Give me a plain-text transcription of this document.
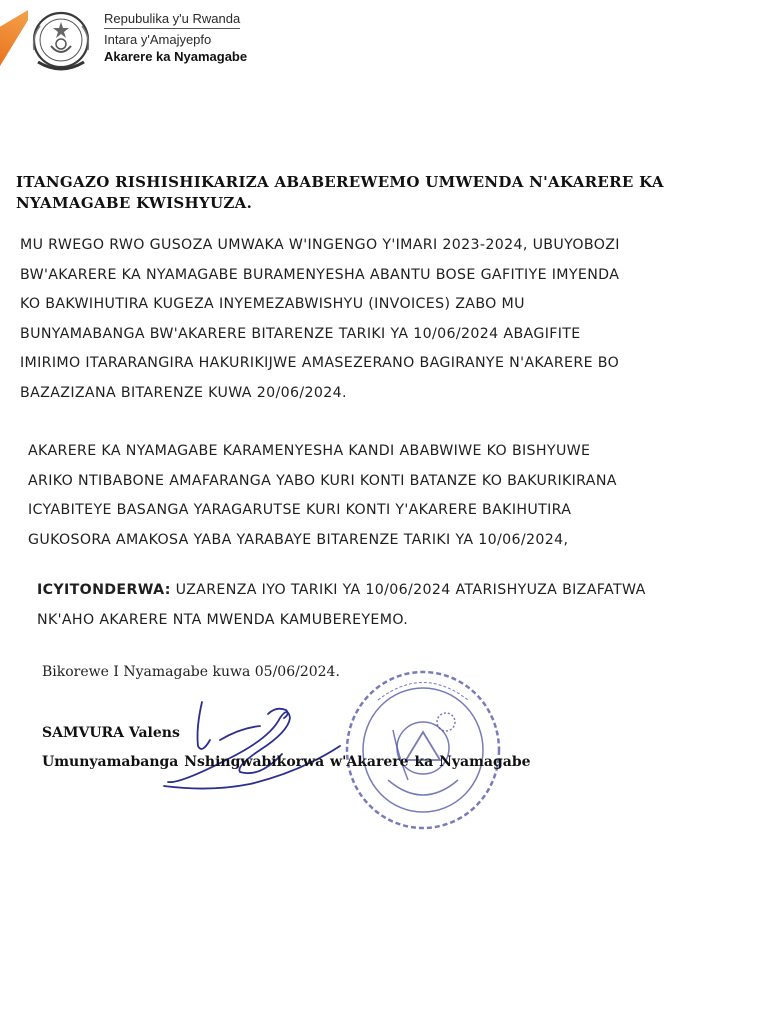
Repubulika y'u Rwanda
Intara y'Amajyepfo
Akarere ka Nyamagabe
ITANGAZO RISHISHIKARIZA ABABEREWEMO UMWENDA N'AKARERE KA
NYAMAGABE KWISHYUZA.
MU RWEGO RWO GUSOZA UMWAKA W'INGENGO Y'IMARI 2023-2024, UBUYOBOZI
BW'AKARERE KA NYAMAGABE BURAMENYESHA ABANTU BOSE GAFITIYE IMYENDA
KO BAKWIHUTIRA KUGEZA INYEMEZABWISHYU (INVOICES) ZABO MU
BUNYAMABANGA BW'AKARERE BITARENZE TARIKI YA 10/06/2024 ABAGIFITE
IMIRIMO ITARARANGIRA HAKURIKIJWE AMASEZERANO BAGIRANYE N'AKARERE BO
BAZAZIZANA BITARENZE KUWA 20/06/2024.
AKARERE KA NYAMAGABE KARAMENYESHA KANDI ABABWIWE KO BISHYUWE
ARIKO NTIBABONE AMAFARANGA YABO KURI KONTI BATANZE KO BAKURIKIRANA
ICYABITEYE BASANGA YARAGARUTSE KURI KONTI Y'AKARERE BAKIHUTIRA
GUKOSORA AMAKOSA YABA YARABAYE BITARENZE TARIKI YA 10/06/2024,
ICYITONDERWA: UZARENZA IYO TARIKI YA 10/06/2024 ATARISHYUZA BIZAFATWA
NK'AHO AKARERE NTA MWENDA KAMUBEREYEMO.
Bikorewe I Nyamagabe kuwa 05/06/2024.
SAMVURA Valens
Umunyamabanga Nshingwabikorwa w'Akarere ka Nyamagabe
